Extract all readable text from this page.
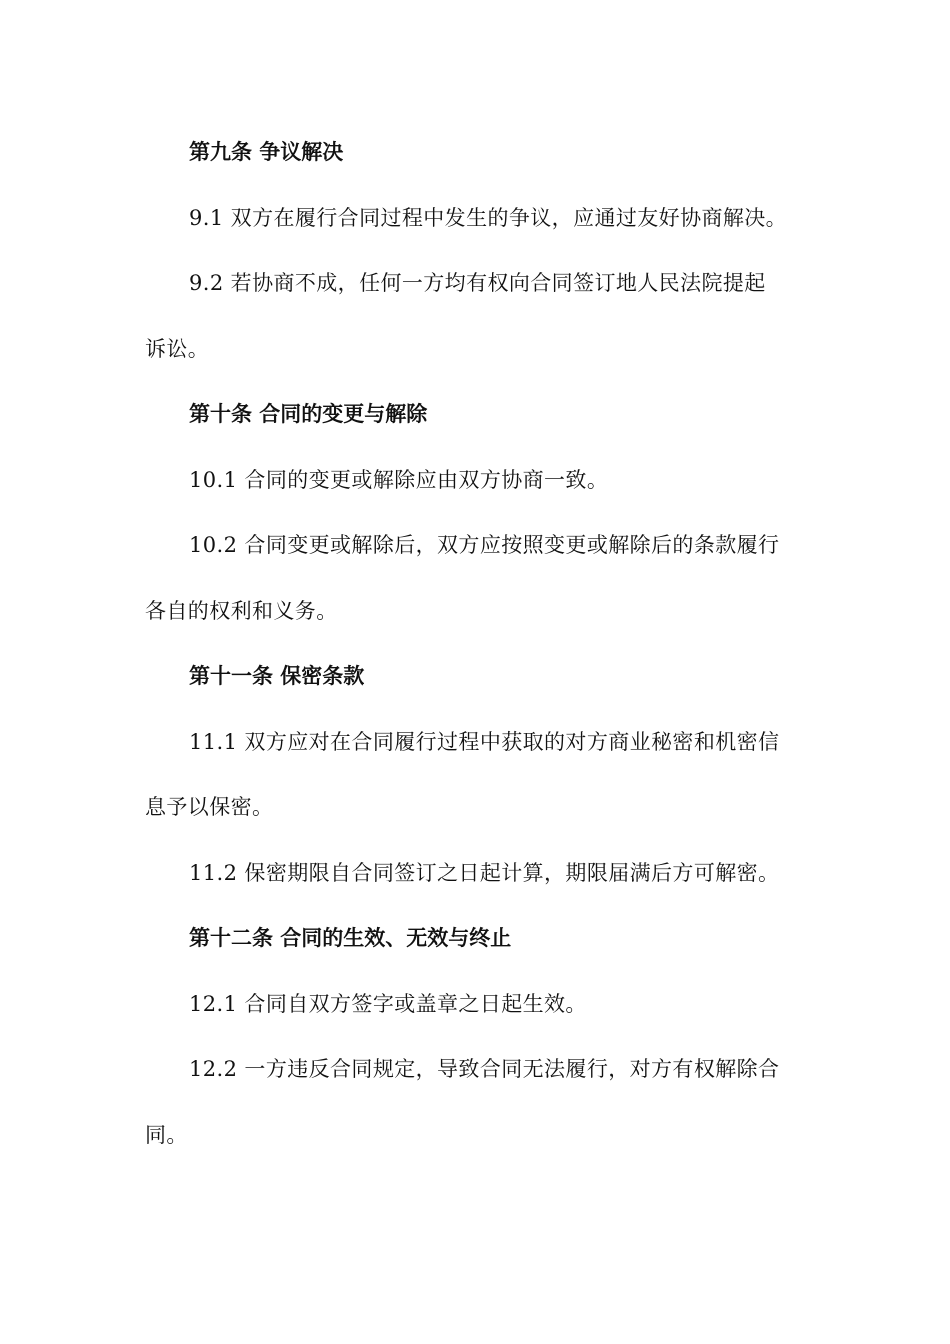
第九条 争议解决
9.1 双方在履行合同过程中发生的争议，应通过友好协商解决。
9.2 若协商不成，任何一方均有权向合同签订地人民法院提起
诉讼。
第十条 合同的变更与解除
10.1 合同的变更或解除应由双方协商一致。
10.2 合同变更或解除后，双方应按照变更或解除后的条款履行
各自的权利和义务。
第十一条 保密条款
11.1 双方应对在合同履行过程中获取的对方商业秘密和机密信
息予以保密。
11.2 保密期限自合同签订之日起计算，期限届满后方可解密。
第十二条 合同的生效、无效与终止
12.1 合同自双方签字或盖章之日起生效。
12.2 一方违反合同规定，导致合同无法履行，对方有权解除合
同。
